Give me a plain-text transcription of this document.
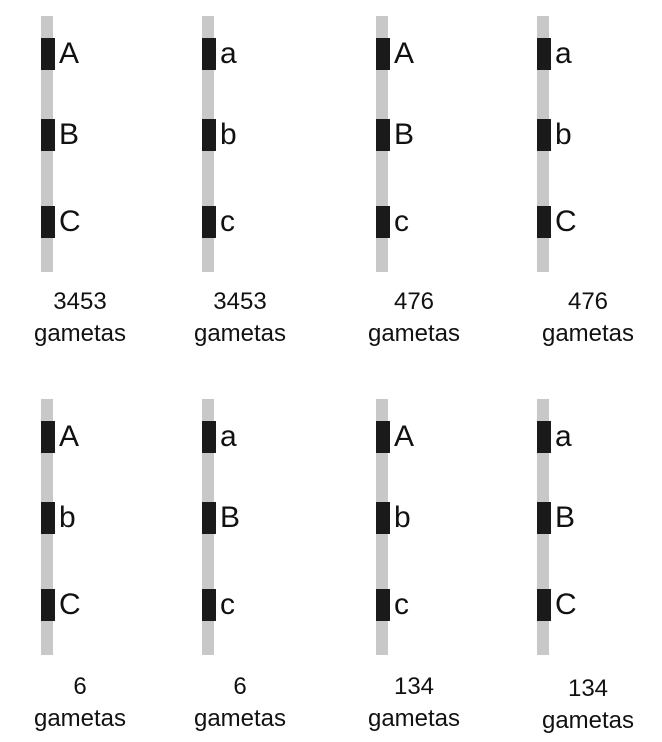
A
B
C
a
b
c
A
B
c
a
b
C
3453
gametas
3453
gametas
476
gametas
476
gametas
A
b
C
a
B
c
A
b
c
a
B
C
6
gametas
6
gametas
134
gametas
134
gametas
